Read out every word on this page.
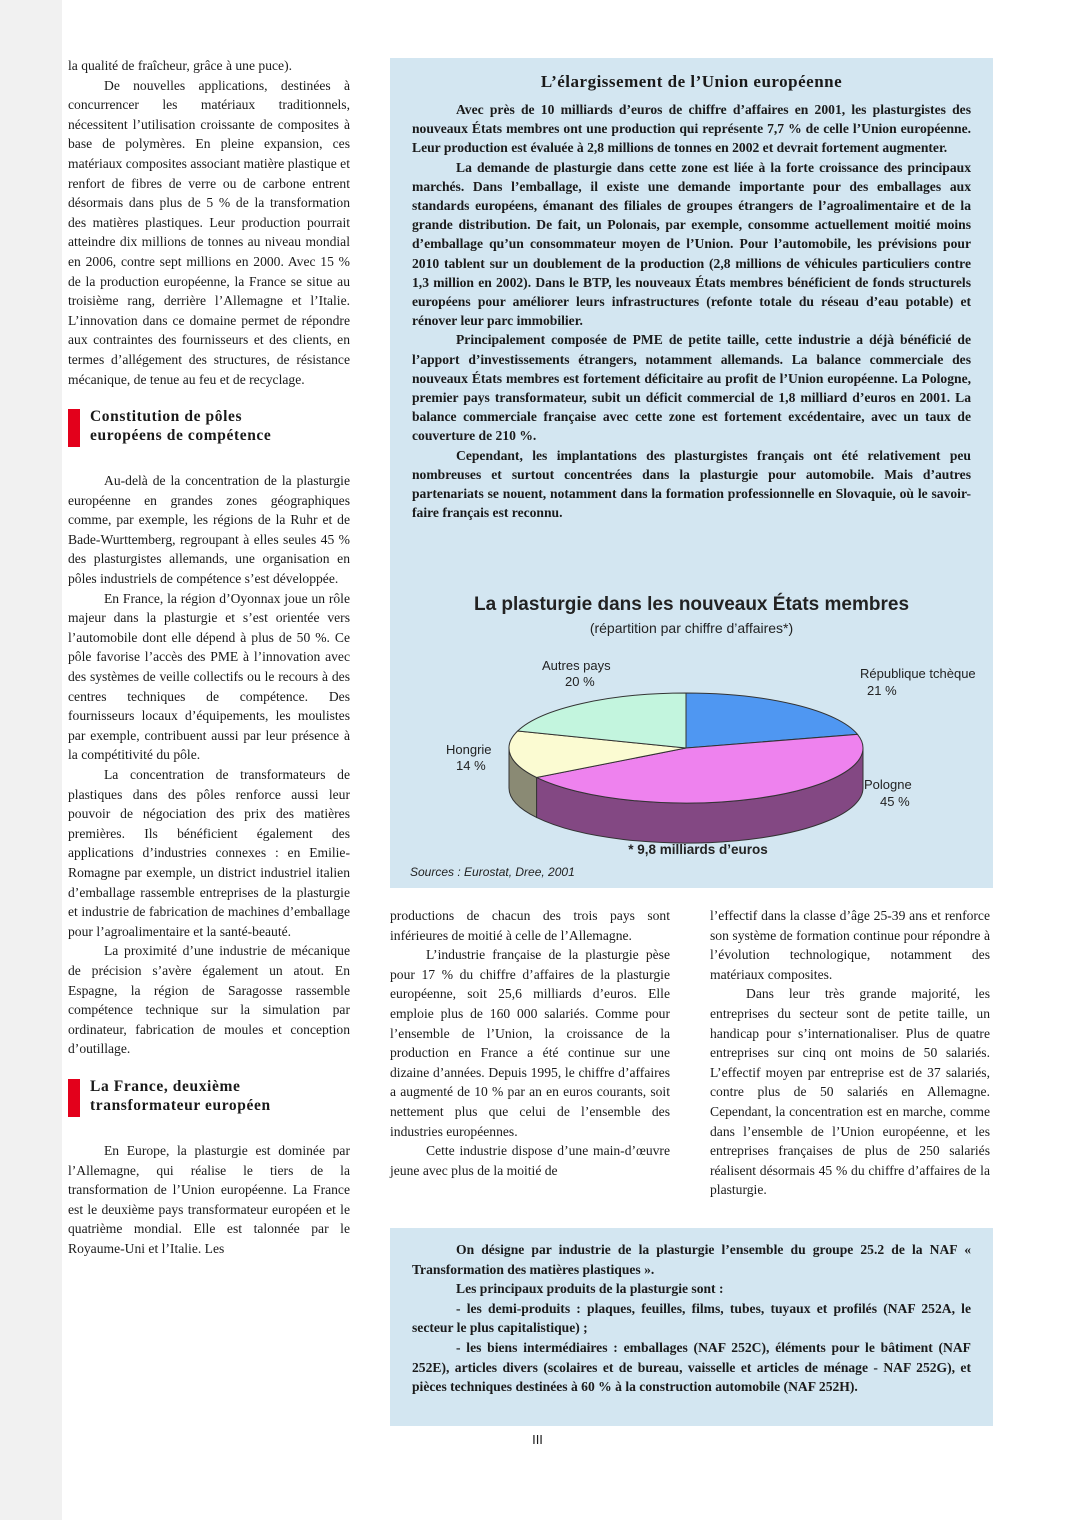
la qualité de fraîcheur, grâce à une puce).

De nouvelles applications, destinées à concurrencer les matériaux traditionnels, nécessitent l’utilisation croissante de composites à base de polymères. En pleine expansion, ces matériaux composites associant matière plastique et renfort de fibres de verre ou de carbone entrent désormais dans plus de 5 % de la transformation des matières plastiques. Leur production pourrait atteindre dix millions de tonnes au niveau mondial en 2006, contre sept millions en 2000. Avec 15 % de la production européenne, la France se situe au troisième rang, derrière l’Allemagne et l’Italie. L’innovation dans ce domaine permet de répondre aux contraintes des fournisseurs et des clients, en termes d’allégement des structures, de résistance mécanique, de tenue au feu et de recyclage.

Constitution de pôles
européens de compétence

Au-delà de la concentration de la plasturgie européenne en grandes zones géographiques comme, par exemple, les régions de la Ruhr et de Bade-Wurttemberg, regroupant à elles seules 45 % des plasturgistes allemands, une organisation en pôles industriels de compétence s’est développée.

En France, la région d’Oyonnax joue un rôle majeur dans la plasturgie et s’est orientée vers l’automobile dont elle dépend à plus de 50 %. Ce pôle favorise l’accès des PME à l’innovation avec des systèmes de veille collectifs ou le recours à des centres techniques de compétence. Des fournisseurs locaux d’équipements, les moulistes par exemple, contribuent aussi par leur présence à la compétitivité du pôle.

La concentration de transformateurs de plastiques dans des pôles renforce aussi leur pouvoir de négociation des prix des matières premières. Ils bénéficient également des applications d’industries connexes : en Emilie-Romagne par exemple, un district industriel italien d’emballage rassemble entreprises de la plasturgie et industrie de fabrication de machines d’emballage pour l’agroalimentaire et la santé-beauté.

La proximité d’une industrie de mécanique de précision s’avère également un atout. En Espagne, la région de Saragosse rassemble compétence technique sur la simulation par ordinateur, fabrication de moules et conception d’outillage.

La France, deuxième
transformateur européen

En Europe, la plasturgie est dominée par l’Allemagne, qui réalise le tiers de la transformation de l’Union européenne. La France est le deuxième pays transformateur européen et le quatrième mondial. Elle est talonnée par le Royaume-Uni et l’Italie. Les

L’élargissement de l’Union européenne

Avec près de 10 milliards d’euros de chiffre d’affaires en 2001, les plasturgistes des nouveaux États membres ont une production qui représente 7,7 % de celle l’Union européenne. Leur production est évaluée à 2,8 millions de tonnes en 2002 et devrait fortement augmenter.

La demande de plasturgie dans cette zone est liée à la forte croissance des principaux marchés. Dans l’emballage, il existe une demande importante pour des emballages aux standards européens, émanant des filiales de groupes étrangers de l’agroalimentaire et de la grande distribution. De fait, un Polonais, par exemple, consomme actuellement moitié moins d’emballage qu’un consommateur moyen de l’Union. Pour l’automobile, les prévisions pour 2010 tablent sur un doublement de la production (2,8 millions de véhicules particuliers contre 1,3 million en 2002). Dans le BTP, les nouveaux États membres bénéficient de fonds structurels européens pour améliorer leurs infrastructures (refonte totale du réseau d’eau potable) et rénover leur parc immobilier.

Principalement composée de PME de petite taille, cette industrie a déjà bénéficié de l’apport d’investissements étrangers, notamment allemands. La balance commerciale des nouveaux États membres est fortement déficitaire au profit de l’Union européenne. La Pologne, premier pays transformateur, subit un déficit commercial de 1,8 milliard d’euros en 2001. La balance commerciale française avec cette zone est fortement excédentaire, avec un taux de couverture de 210 %.

Cependant, les implantations des plasturgistes français ont été relativement peu nombreuses et surtout concentrées dans la plasturgie pour automobile. Mais d’autres partenariats se nouent, notamment dans la formation professionnelle en Slovaquie, où le savoir-faire français est reconnu.

La plasturgie dans les nouveaux États membres
(répartition par chiffre d’affaires*)
République tchèque
21 %
Pologne
45 %
Hongrie
14 %
Autres pays
20 %
* 9,8 milliards d’euros
Sources : Eurostat, Dree, 2001

productions de chacun des trois pays sont inférieures de moitié à celle de l’Allemagne.

L’industrie française de la plasturgie pèse pour 17 % du chiffre d’affaires de la plasturgie européenne, soit 25,6 milliards d’euros. Elle emploie plus de 160 000 salariés. Comme pour l’ensemble de l’Union, la croissance de la production en France a été continue sur une dizaine d’années. Depuis 1995, le chiffre d’affaires a augmenté de 10 % par an en euros courants, soit nettement plus que celui de l’ensemble des industries européennes.

Cette industrie dispose d’une main-d’œuvre jeune avec plus de la moitié de

l’effectif dans la classe d’âge 25-39 ans et renforce son système de formation continue pour répondre à l’évolution technologique, notamment des matériaux composites.

Dans leur très grande majorité, les entreprises du secteur sont de petite taille, un handicap pour s’internationaliser. Plus de quatre entreprises sur cinq ont moins de 50 salariés. L’effectif moyen par entreprise est de 37 salariés, contre plus de 50 salariés en Allemagne. Cependant, la concentration est en marche, comme dans l’ensemble de l’Union européenne, et les entreprises françaises de plus de 250 salariés réalisent désormais 45 % du chiffre d’affaires de la plasturgie.

On désigne par industrie de la plasturgie l’ensemble du groupe 25.2 de la NAF « Transformation des matières plastiques ».

Les principaux produits de la plasturgie sont :

- les demi-produits : plaques, feuilles, films, tubes, tuyaux et profilés (NAF 252A, le secteur le plus capitalistique) ;

- les biens intermédiaires : emballages (NAF 252C), éléments pour le bâtiment (NAF 252E), articles divers (scolaires et de bureau, vaisselle et articles de ménage - NAF 252G), et pièces techniques destinées à 60 % à la construction automobile (NAF 252H).

III
